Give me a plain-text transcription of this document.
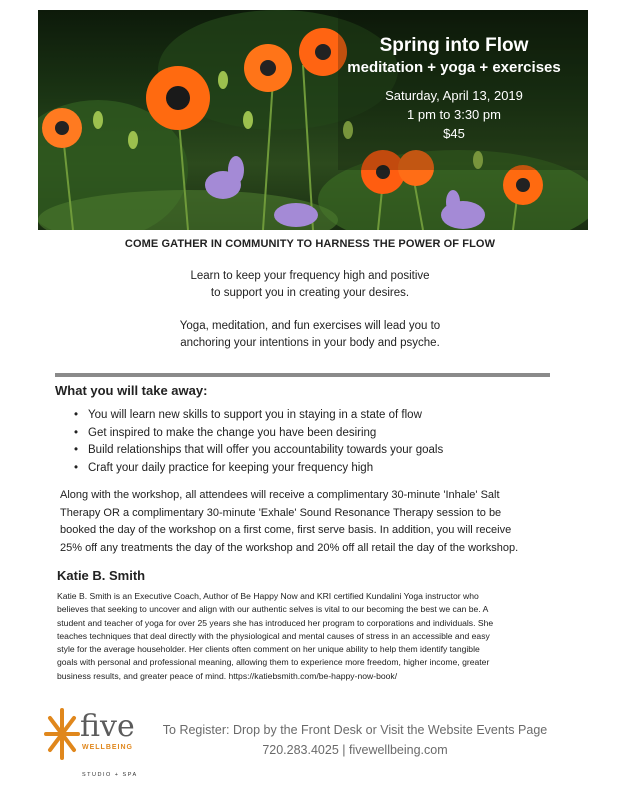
Spring into Flow
meditation + yoga + exercises
Saturday, April 13, 2019
1 pm to 3:30 pm
$45
COME GATHER IN COMMUNITY TO HARNESS THE POWER OF FLOW
Learn to keep your frequency high and positive
to support you in creating your desires.
Yoga, meditation, and fun exercises will lead you to
anchoring your intentions in your body and psyche.
What you will take away:
• You will learn new skills to support you in staying in a state of flow
• Get inspired to make the change you have been desiring
• Build relationships that will offer you accountability towards your goals
• Craft your daily practice for keeping your frequency high
Along with the workshop, all attendees will receive a complimentary 30-minute 'Inhale' Salt
Therapy OR a complimentary 30-minute 'Exhale' Sound Resonance Therapy session to be
booked the day of the workshop on a first come, first serve basis. In addition, you will receive
25% off any treatments the day of the workshop and 20% off all retail the day of the workshop.
Katie B. Smith
Katie B. Smith is an Executive Coach, Author of Be Happy Now and KRI certified Kundalini Yoga instructor who
believes that seeking to uncover and align with our authentic selves is vital to our becoming the best we can be. A
student and teacher of yoga for over 25 years she has introduced her program to corporations and individuals. She
teaches techniques that deal directly with the physiological and mental causes of stress in an accessible and easy
style for the average householder. Her clients often comment on her unique ability to help them identify tangible
goals with personal and professional meaning, allowing them to experience more freedom, higher income, greater
business results, and greater peace of mind. https://katiebsmith.com/be-happy-now-book/
five
WELLBEING
STUDIO + SPA
To Register: Drop by the Front Desk or Visit the Website Events Page
720.283.4025 | fivewellbeing.com
